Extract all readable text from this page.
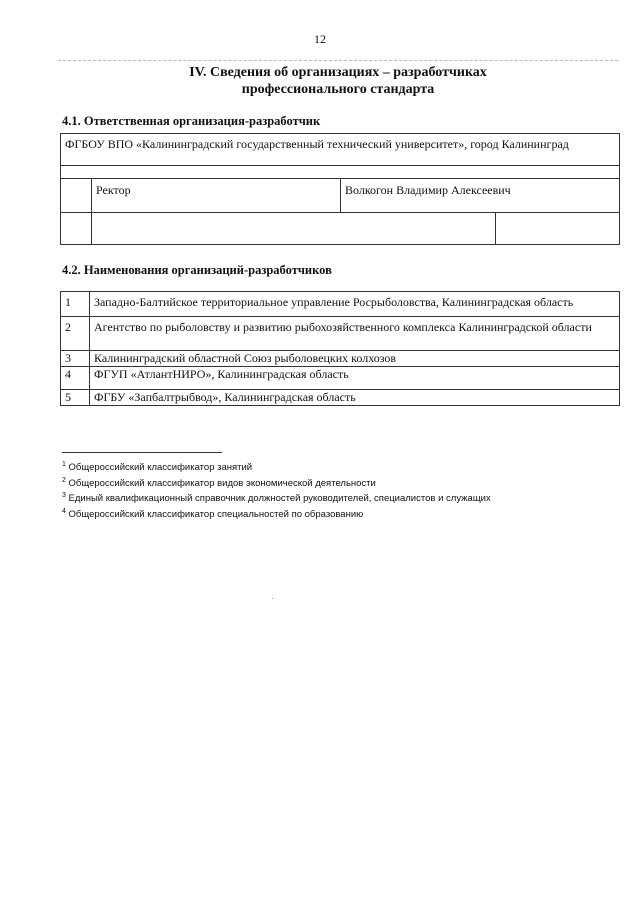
12
IV. Сведения об организациях – разработчиках
профессионального стандарта
4.1. Ответственная организация-разработчик
ФГБОУ ВПО «Калининградский государственный технический университет», город Калининград			

	Ректор	Волкогон Владимир Алексеевич	

4.2. Наименования организаций-разработчиков
1	Западно-Балтийское территориальное управление Росрыболовства, Калининградская область
2	Агентство по рыболовству и развитию рыбохозяйственного комплекса Калининградской области
3	Калининградский областной Союз рыболовецких колхозов
4	ФГУП «АтлантНИРО», Калининградская область
5	ФГБУ «Запбалтрыбвод», Калининградская область
$^1$ Общероссийский классификатор занятий
$^2$ Общероссийский классификатор видов экономической деятельности
$^3$ Единый квалификационный справочник должностей руководителей, специалистов и служащих
$^4$ Общероссийский классификатор специальностей по образованию
